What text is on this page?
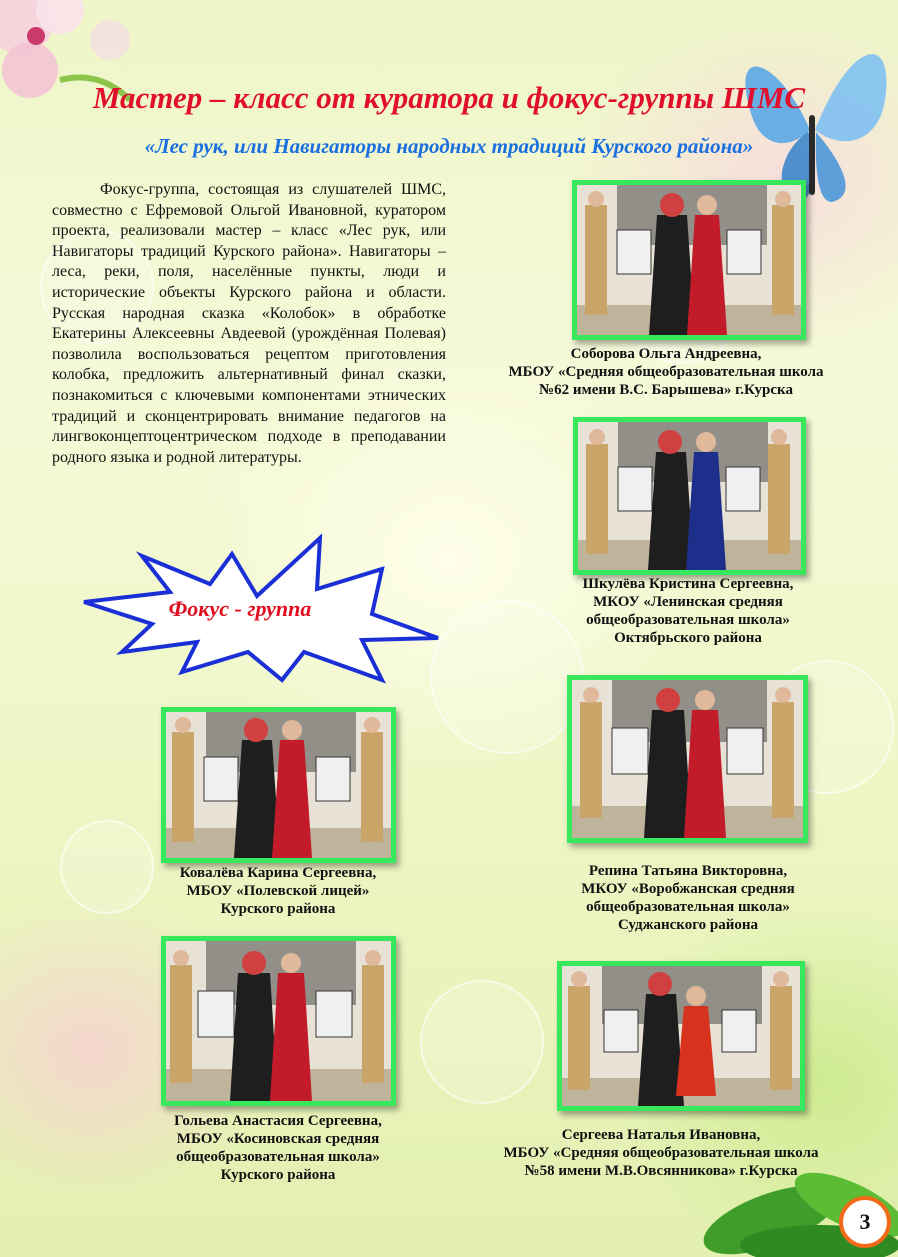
Мастер – класс от куратора и фокус-группы ШМС
«Лес рук, или Навигаторы народных традиций Курского района»

Фокус-группа, состоящая из слушателей ШМС, совместно с Ефремовой Ольгой Ивановной, куратором проекта, реализовали мастер – класс «Лес рук, или Навигаторы традиций Курского района». Навигаторы – леса, реки, поля, населённые пункты, люди и исторические объекты Курского района и области. Русская народная сказка «Колобок» в обработке Екатерины Алексеевны Авдеевой (урождённая Полевая) позволила воспользоваться рецептом приготовления колобка, предложить альтернативный финал сказки, познакомиться с ключевыми компонентами этнических традиций и сконцентрировать внимание педагогов на лингвоконцептоцентрическом подходе в преподавании родного языка и родной литературы.

Фокус - группа

Соборова Ольга Андреевна,
МБОУ «Средняя общеобразовательная школа
№62 имени В.С. Барышева» г.Курска

Шкулёва Кристина Сергеевна,
МКОУ «Ленинская средняя
общеобразовательная школа»
Октябрьского района

Ковалёва Карина Сергеевна,
МБОУ «Полевской лицей»
Курского района

Репина Татьяна Викторовна,
МКОУ «Воробжанская средняя
общеобразовательная школа»
Суджанского района

Гольева Анастасия Сергеевна,
МБОУ «Косиновская средняя
общеобразовательная школа»
Курского района

Сергеева Наталья Ивановна,
МБОУ «Средняя общеобразовательная школа
№58 имени М.В.Овсянникова» г.Курска

3
